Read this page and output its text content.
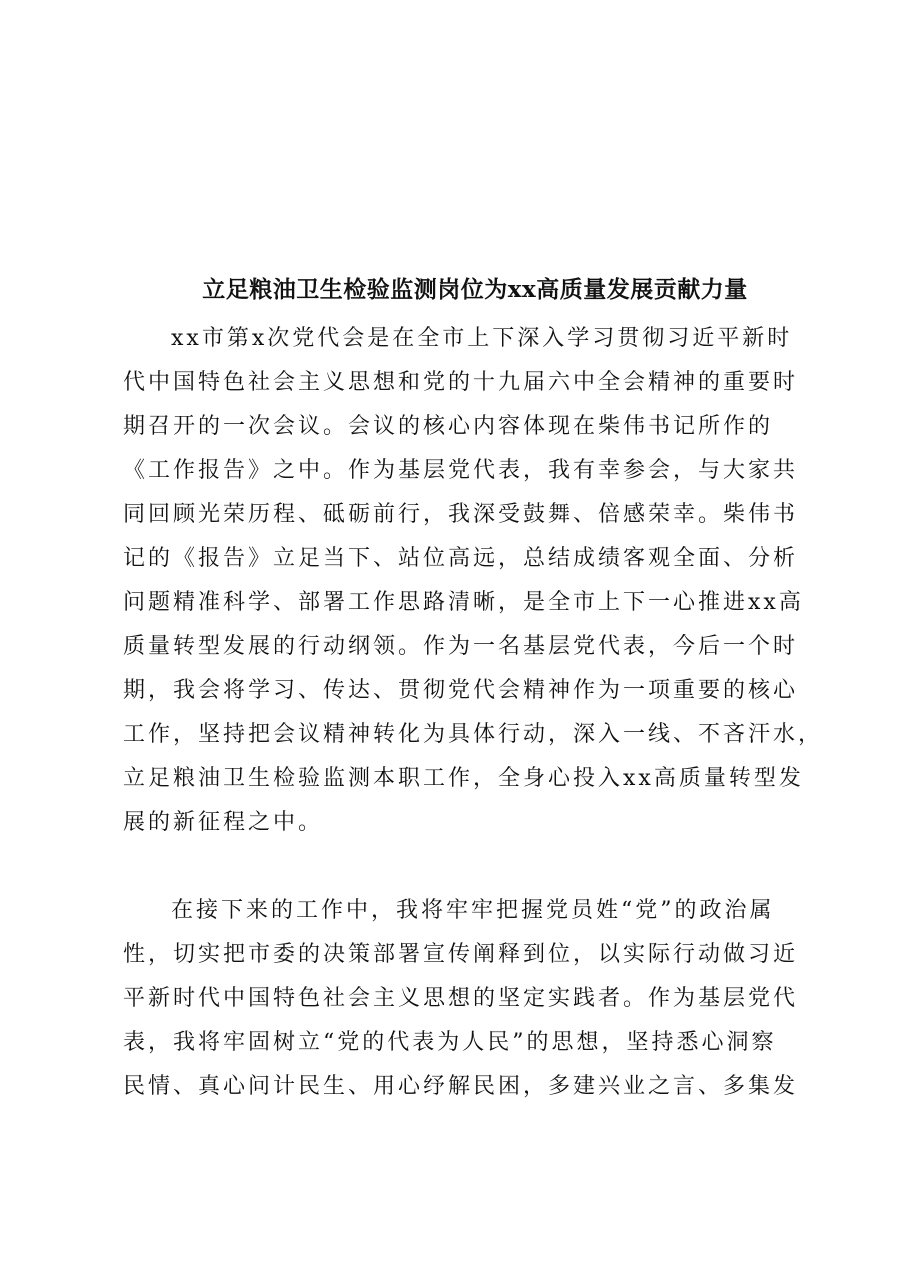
立足粮油卫生检验监测岗位为xx高质量发展贡献力量
xx市第x次党代会是在全市上下深入学习贯彻习近平新时
代中国特色社会主义思想和党的十九届六中全会精神的重要时
期召开的一次会议。会议的核心内容体现在柴伟书记所作的
《工作报告》之中。作为基层党代表，我有幸参会，与大家共
同回顾光荣历程、砥砺前行，我深受鼓舞、倍感荣幸。柴伟书
记的《报告》立足当下、站位高远，总结成绩客观全面、分析
问题精准科学、部署工作思路清晰，是全市上下一心推进xx高
质量转型发展的行动纲领。作为一名基层党代表，今后一个时
期，我会将学习、传达、贯彻党代会精神作为一项重要的核心
工作，坚持把会议精神转化为具体行动，深入一线、不吝汗水，
立足粮油卫生检验监测本职工作，全身心投入xx高质量转型发
展的新征程之中。
在接下来的工作中，我将牢牢把握党员姓“党”的政治属
性，切实把市委的决策部署宣传阐释到位，以实际行动做习近
平新时代中国特色社会主义思想的坚定实践者。作为基层党代
表，我将牢固树立“党的代表为人民”的思想，坚持悉心洞察
民情、真心问计民生、用心纾解民困，多建兴业之言、多集发
